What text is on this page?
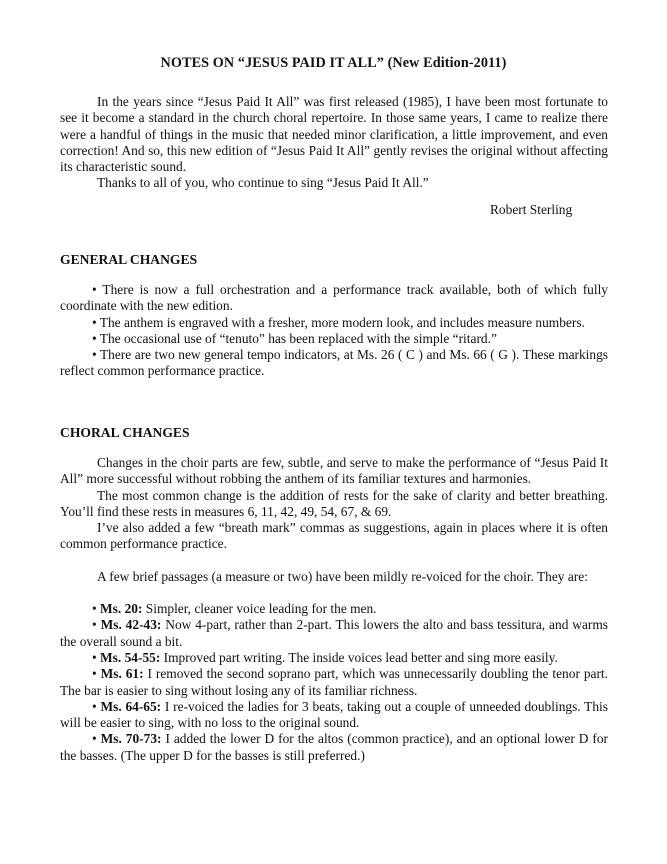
NOTES ON “JESUS PAID IT ALL” (New Edition-2011)

In the years since “Jesus Paid It All” was first released (1985), I have been most fortunate to see it become a standard in the church choral repertoire. In those same years, I came to realize there were a handful of things in the music that needed minor clarification, a little improvement, and even correction! And so, this new edition of “Jesus Paid It All” gently revises the original without affecting its characteristic sound.

Thanks to all of you, who continue to sing “Jesus Paid It All.”

Robert Sterling
GENERAL CHANGES

• There is now a full orchestration and a performance track available, both of which fully coordinate with the new edition.

• The anthem is engraved with a fresher, more modern look, and includes measure numbers.

• The occasional use of “tenuto” has been replaced with the simple “ritard.”

• There are two new general tempo indicators, at Ms. 26 ( C ) and Ms. 66 ( G ). These markings reflect common performance practice.

CHORAL CHANGES

Changes in the choir parts are few, subtle, and serve to make the performance of “Jesus Paid It All” more successful without robbing the anthem of its familiar textures and harmonies.

The most common change is the addition of rests for the sake of clarity and better breathing. You’ll find these rests in measures 6, 11, 42, 49, 54, 67, & 69.

I’ve also added a few “breath mark” commas as suggestions, again in places where it is often common performance practice.

A few brief passages (a measure or two) have been mildly re-voiced for the choir. They are:

• Ms. 20: Simpler, cleaner voice leading for the men.

• Ms. 42-43: Now 4-part, rather than 2-part. This lowers the alto and bass tessitura, and warms the overall sound a bit.

• Ms. 54-55: Improved part writing. The inside voices lead better and sing more easily.

• Ms. 61: I removed the second soprano part, which was unnecessarily doubling the tenor part. The bar is easier to sing without losing any of its familiar richness.

• Ms. 64-65: I re-voiced the ladies for 3 beats, taking out a couple of unneeded doublings. This will be easier to sing, with no loss to the original sound.

• Ms. 70-73: I added the lower D for the altos (common practice), and an optional lower D for the basses. (The upper D for the basses is still preferred.)
